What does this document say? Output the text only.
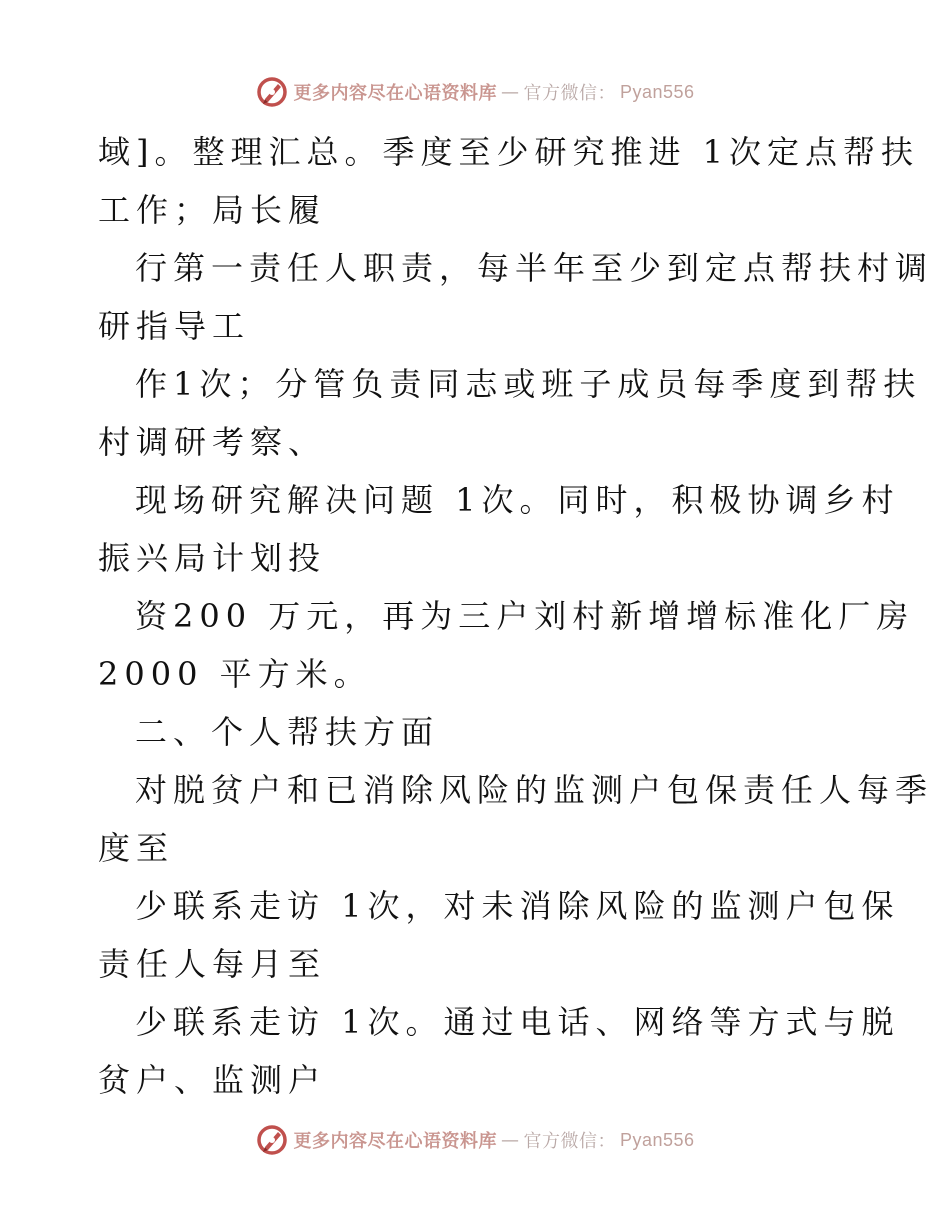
更多内容尽在心语资料库 — 官方微信： Pyan556
域]。整理汇总。季度至少研究推进 1次定点帮扶
工作；局长履
行第一责任人职责，每半年至少到定点帮扶村调
研指导工
作1次；分管负责同志或班子成员每季度到帮扶
村调研考察、
现场研究解决问题 1次。同时，积极协调乡村
振兴局计划投
资200 万元，再为三户刘村新增增标准化厂房
2000 平方米。
二、个人帮扶方面
对脱贫户和已消除风险的监测户包保责任人每季
度至
少联系走访 1次，对未消除风险的监测户包保
责任人每月至
少联系走访 1次。通过电话、网络等方式与脱
贫户、监测户
更多内容尽在心语资料库 — 官方微信： Pyan556
